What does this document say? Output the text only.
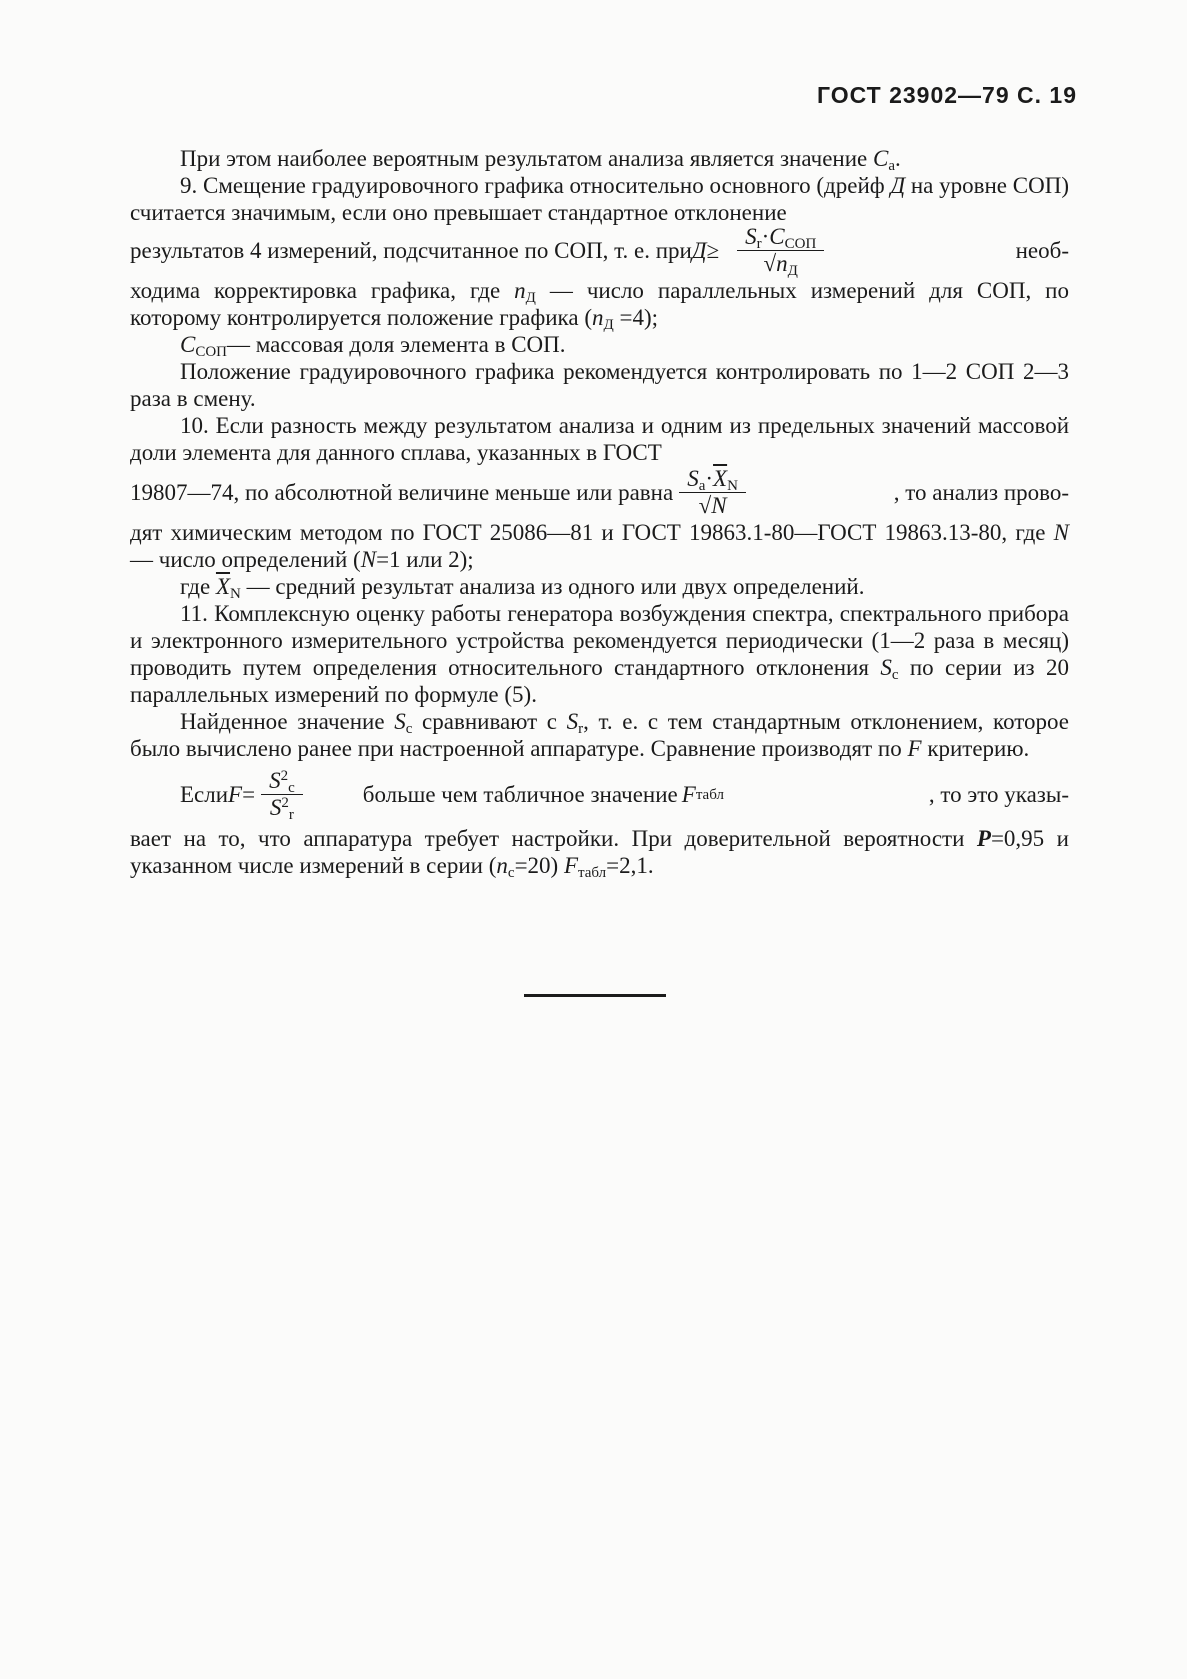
ГОСТ 23902—79 С. 19

При этом наиболее вероятным результатом анализа является значение $C_a$.

9. Смещение градуировочного графика относительно основного (дрейф Д на уровне СОП) считается значимым, если оно превышает стандартное отклонение

результатов 4 измерений, подсчитанное по СОП, т. е. при $Д\ge \frac{S_r\cdot C_{СОП}}{√n_Д}$	необ-

ходима корректировка графика, где $n_Д$ — число параллельных измерений для СОП, по которому контролируется положение графика $(n_Д =4)$;

$C_{СОП}—$ массовая доля элемента в СОП.

Положение градуировочного графика рекомендуется контролировать по 1—2 СОП 2—3 раза в смену.

10. Если разность между результатом анализа и одним из предельных значений массовой доли элемента для данного сплава, указанных в ГОСТ

19807—74, по абсолютной величине меньше или равна $\frac{S_a\cdot\overline{X}_N}{√N}$	, то анализ прово-

дят химическим методом по ГОСТ 25086—81 и ГОСТ 19863.1-80—ГОСТ 19863.13-80, где N — число определений (N=1 или 2);

где $\overline{X}_N$ — средний результат анализа из одного или двух определений.

11. Комплексную оценку работы генератора возбуждения спектра, спектрального прибора и электронного измерительного устройства рекомендуется периодически (1—2 раза в месяц) проводить путем определения относительного стандартного отклонения $S_c$ по серии из 20 параллельных измерений по формуле (5).

Найденное значение $S_c$ сравнивают с $S_r$, т. е. с тем стандартным отклонением, которое было вычислено ранее при настроенной аппаратуре. Сравнение производят по F критерию.

Если $F = \frac{S^2_c}{S^2_r}$	больше чем табличное значение F табл	, то это указы-

вает на то, что аппаратура требует настройки. При доверительной вероятности P=0,95 и указанном числе измерений в серии $(n_c=20)$ $F_{табл}=2,1$.
